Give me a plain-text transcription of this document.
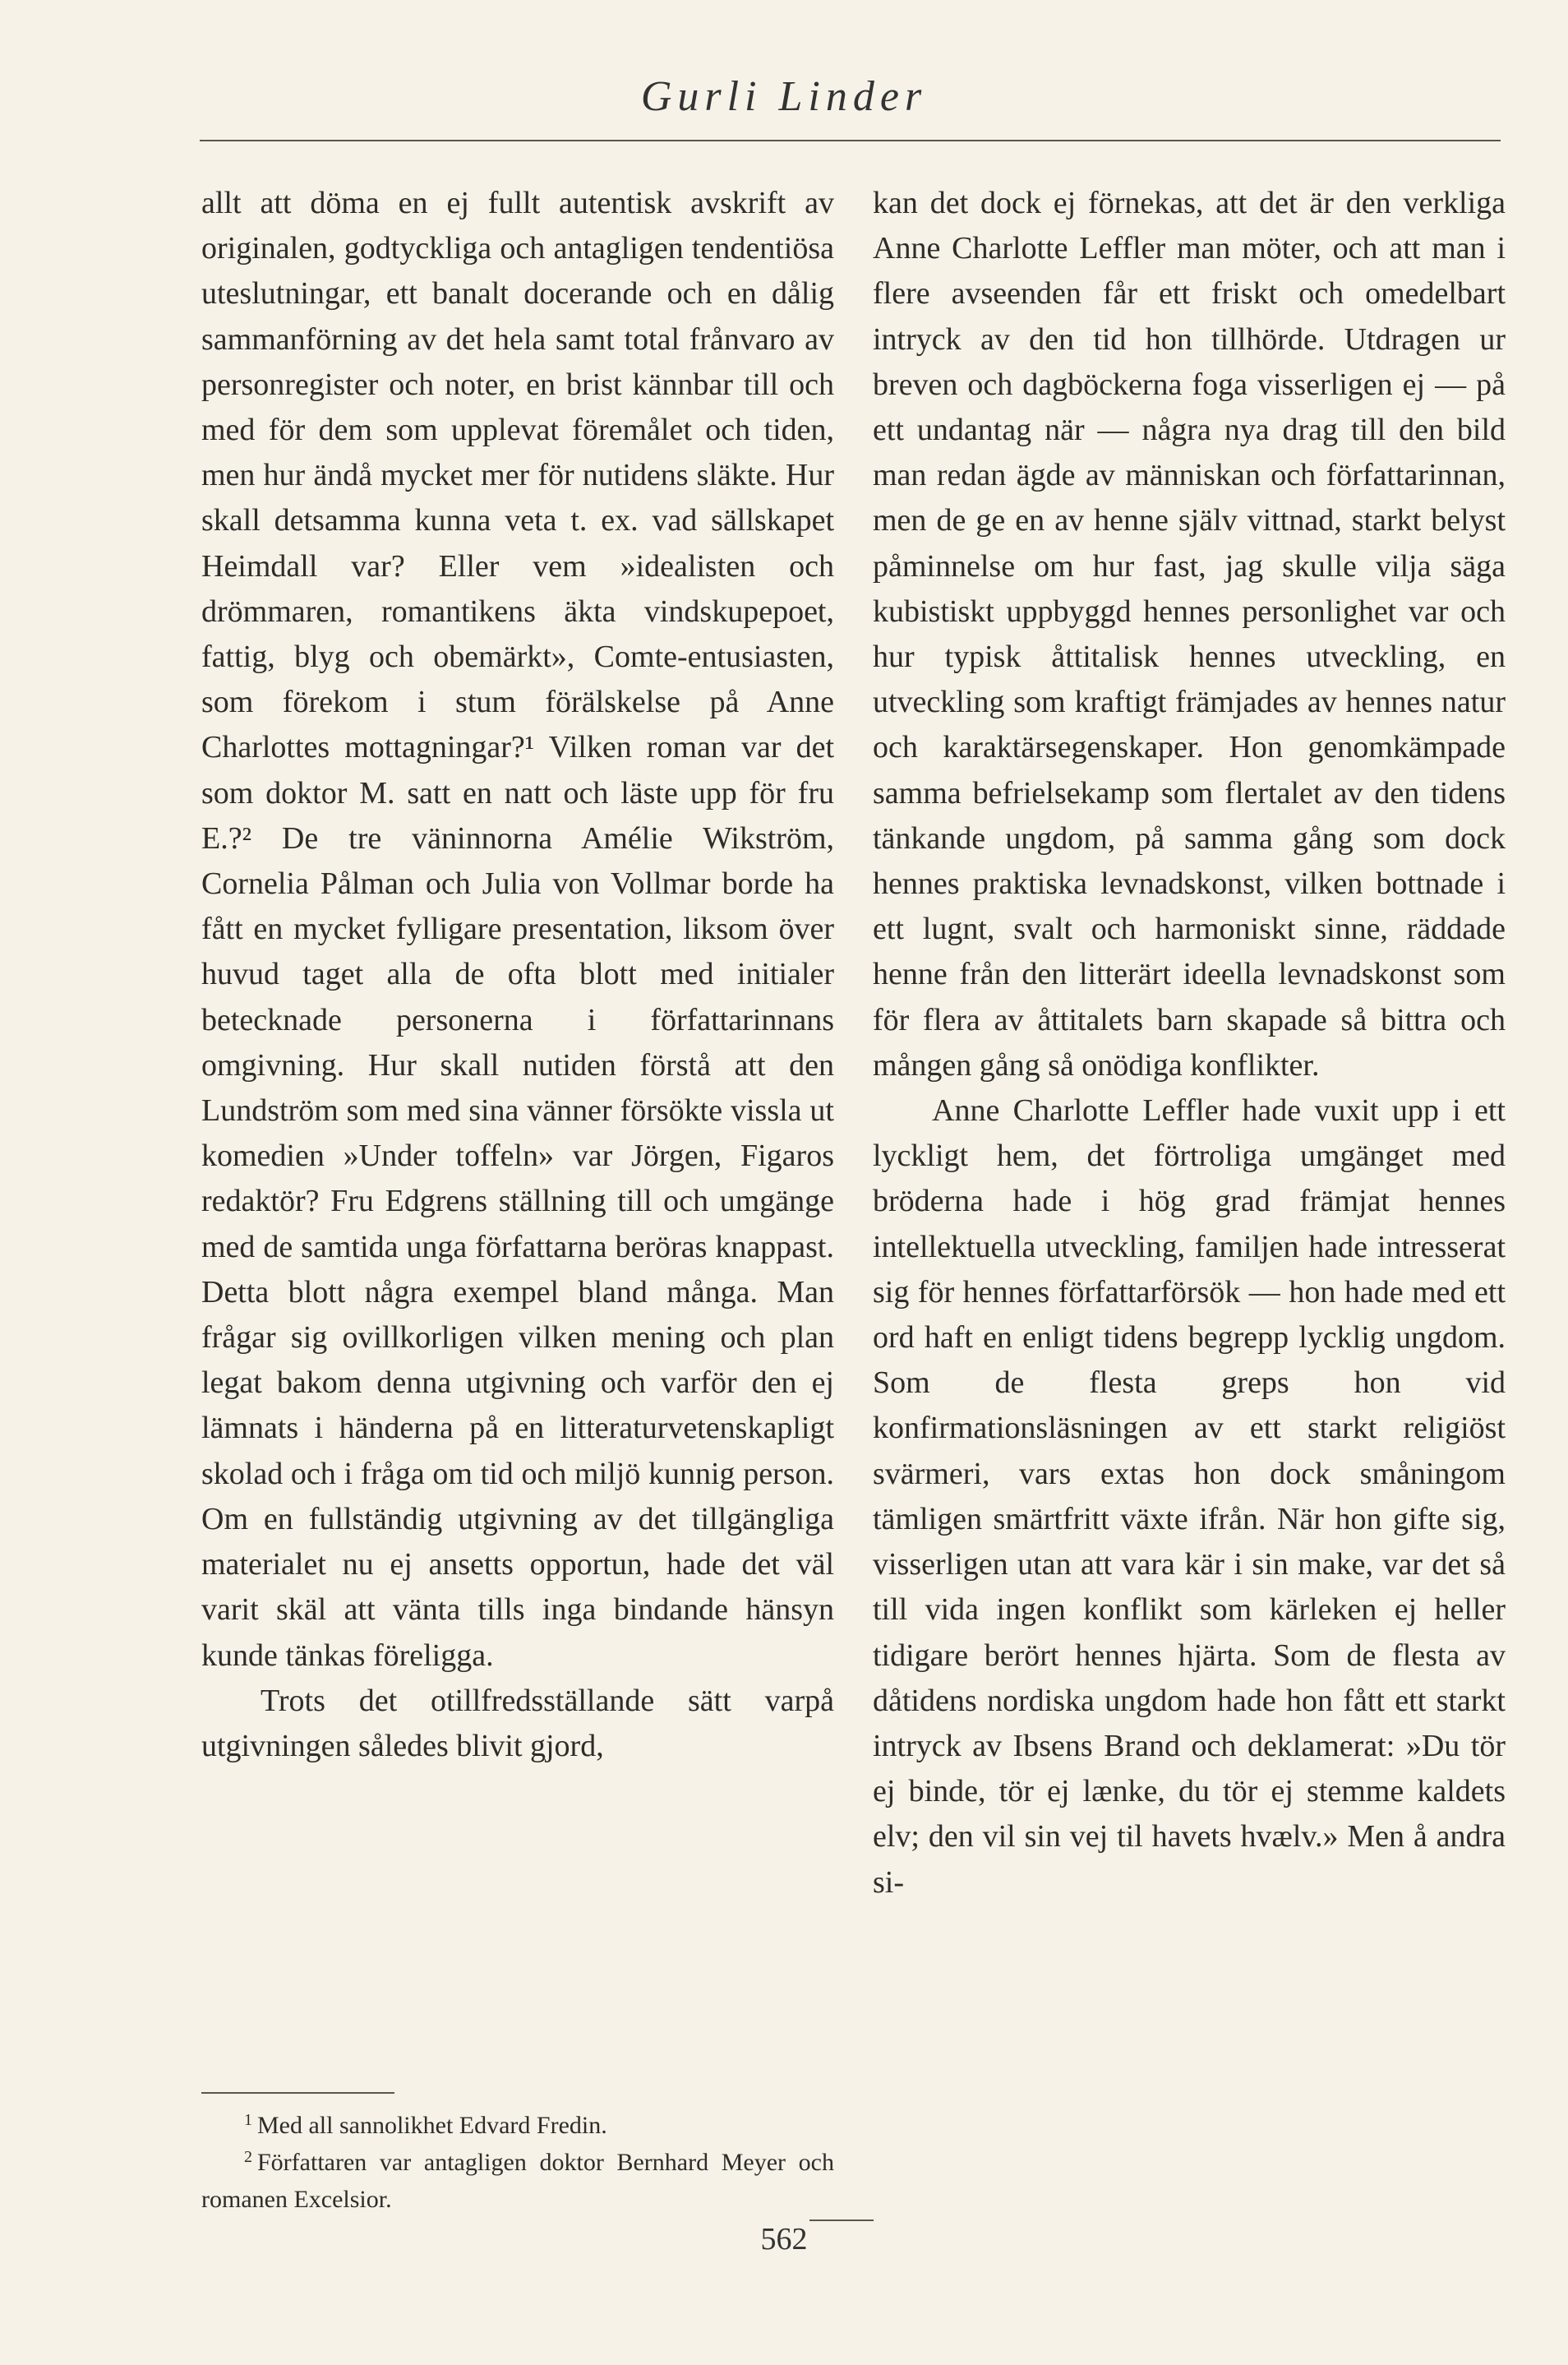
Gurli Linder

allt att döma en ej fullt autentisk avskrift av originalen, godtyckliga och antagligen tendentiösa uteslutningar, ett banalt docerande och en dålig sammanförning av det hela samt total frånvaro av personregister och noter, en brist kännbar till och med för dem som upplevat föremålet och tiden, men hur ändå mycket mer för nutidens släkte. Hur skall detsamma kunna veta t. ex. vad sällskapet Heimdall var? Eller vem »idealisten och drömmaren, romantikens äkta vindskupepoet, fattig, blyg och obemärkt», Comte-entusiasten, som förekom i stum förälskelse på Anne Charlottes mottagningar?¹ Vilken roman var det som doktor M. satt en natt och läste upp för fru E.?² De tre väninnorna Amélie Wikström, Cornelia Pålman och Julia von Vollmar borde ha fått en mycket fylligare presentation, liksom över huvud taget alla de ofta blott med initialer betecknade personerna i författarinnans omgivning. Hur skall nutiden förstå att den Lundström som med sina vänner försökte vissla ut komedien »Under toffeln» var Jörgen, Figaros redaktör? Fru Edgrens ställning till och umgänge med de samtida unga författarna beröras knappast. Detta blott några exempel bland många. Man frågar sig ovillkorligen vilken mening och plan legat bakom denna utgivning och varför den ej lämnats i händerna på en litteraturvetenskapligt skolad och i fråga om tid och miljö kunnig person. Om en fullständig utgivning av det tillgängliga materialet nu ej ansetts opportun, hade det väl varit skäl att vänta tills inga bindande hänsyn kunde tänkas föreligga.

Trots det otillfredsställande sätt varpå utgivningen således blivit gjord,

kan det dock ej förnekas, att det är den verkliga Anne Charlotte Leffler man möter, och att man i flere avseenden får ett friskt och omedelbart intryck av den tid hon tillhörde. Utdragen ur breven och dagböckerna foga visserligen ej — på ett undantag när — några nya drag till den bild man redan ägde av människan och författarinnan, men de ge en av henne själv vittnad, starkt belyst påminnelse om hur fast, jag skulle vilja säga kubistiskt uppbyggd hennes personlighet var och hur typisk åttitalisk hennes utveckling, en utveckling som kraftigt främjades av hennes natur och karaktärsegenskaper. Hon genomkämpade samma befrielsekamp som flertalet av den tidens tänkande ungdom, på samma gång som dock hennes praktiska levnadskonst, vilken bottnade i ett lugnt, svalt och harmoniskt sinne, räddade henne från den litterärt ideella levnadskonst som för flera av åttitalets barn skapade så bittra och mången gång så onödiga konflikter.

Anne Charlotte Leffler hade vuxit upp i ett lyckligt hem, det förtroliga umgänget med bröderna hade i hög grad främjat hennes intellektuella utveckling, familjen hade intresserat sig för hennes författarförsök — hon hade med ett ord haft en enligt tidens begrepp lycklig ungdom. Som de flesta greps hon vid konfirmationsläsningen av ett starkt religiöst svärmeri, vars extas hon dock småningom tämligen smärtfritt växte ifrån. När hon gifte sig, visserligen utan att vara kär i sin make, var det så till vida ingen konflikt som kärleken ej heller tidigare berört hennes hjärta. Som de flesta av dåtidens nordiska ungdom hade hon fått ett starkt intryck av Ibsens Brand och deklamerat: »Du tör ej binde, tör ej lænke, du tör ej stemme kaldets elv; den vil sin vej til havets hvælv.» Men å andra si-

$^1$ Med all sannolikhet Edvard Fredin.

$^2$ Författaren var antagligen doktor Bernhard Meyer och romanen Excelsior.

562
